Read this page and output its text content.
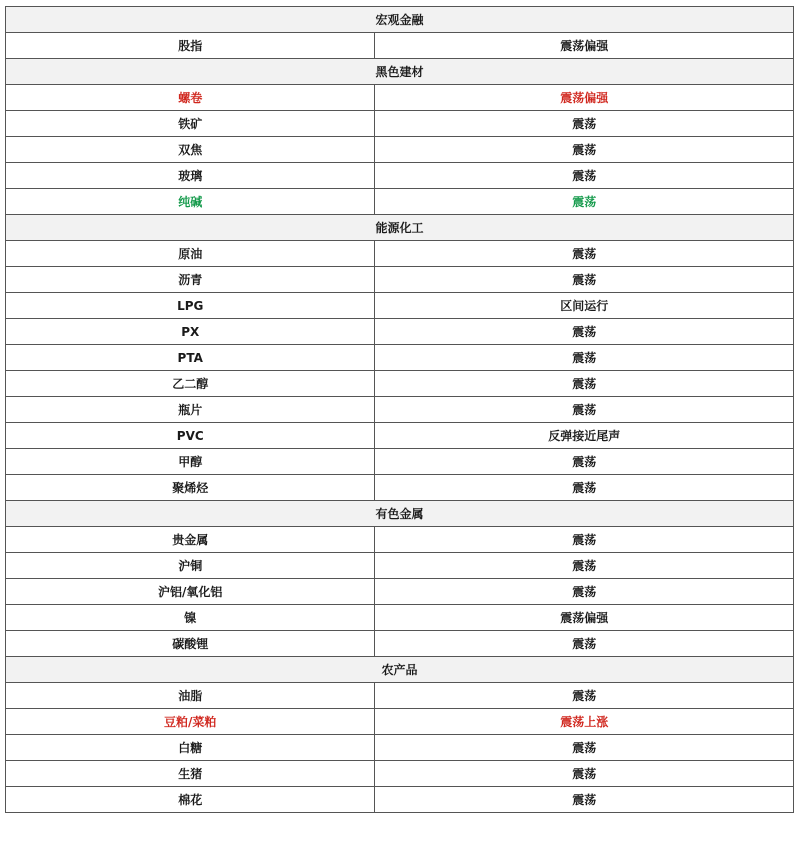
宏观金融	
股指	震荡偏强
黑色建材	
螺卷	震荡偏强
铁矿	震荡
双焦	震荡
玻璃	震荡
纯碱	震荡
能源化工	
原油	震荡
沥青	震荡
LPG	区间运行
PX	震荡
PTA	震荡
乙二醇	震荡
瓶片	震荡
PVC	反弹接近尾声
甲醇	震荡
聚烯烃	震荡
有色金属	
贵金属	震荡
沪铜	震荡
沪铝/氧化铝	震荡
镍	震荡偏强
碳酸锂	震荡
农产品	
油脂	震荡
豆粕/菜粕	震荡上涨
白糖	震荡
生猪	震荡
棉花	震荡
